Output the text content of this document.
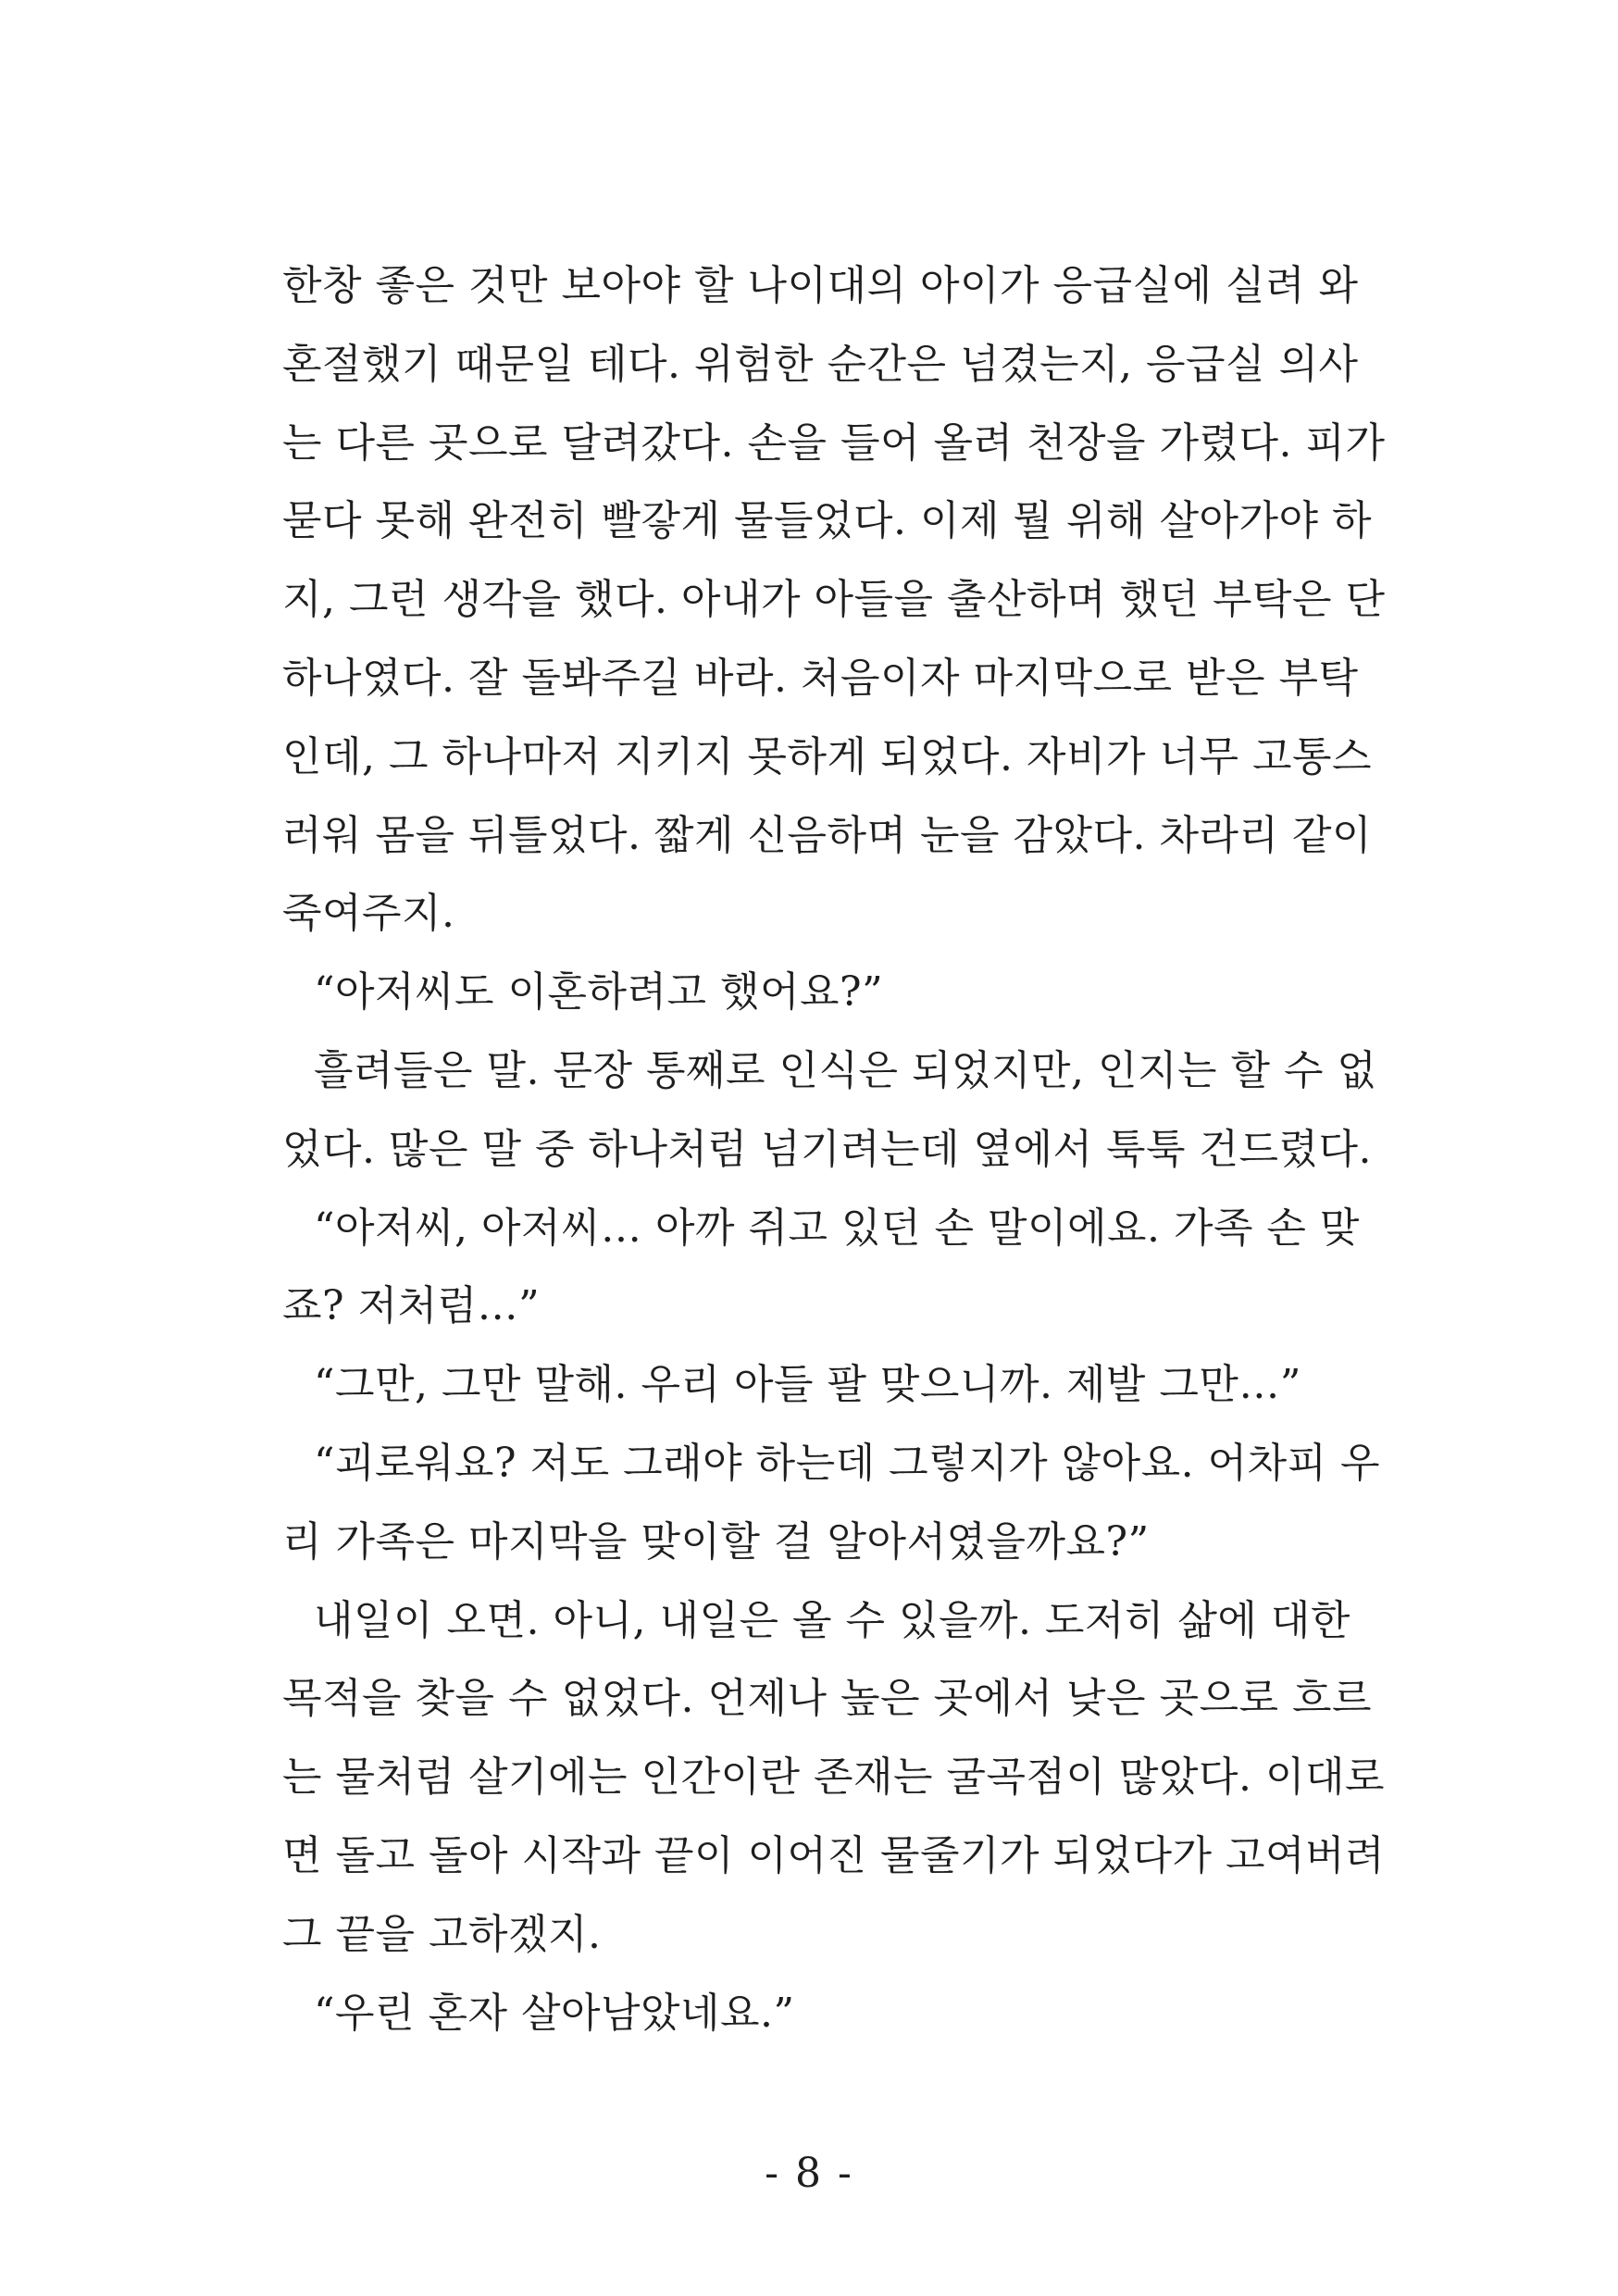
한창 좋은 것만 보아야 할 나이대의 아이가 응급실에 실려 와
혼절했기 때문일 테다. 위험한 순간은 넘겼는지, 응급실 의사
는 다른 곳으로 달려갔다. 손을 들어 올려 천장을 가렸다. 피가
묻다 못해 완전히 빨갛게 물들었다. 이제 뭘 위해 살아가야 하
지, 그런 생각을 했다. 아내가 아들을 출산하며 했던 부탁은 단
하나였다. 잘 돌봐주길 바라. 처음이자 마지막으로 받은 부탁
인데, 그 하나마저 지키지 못하게 되었다. 자비가 너무 고통스
러워 몸을 뒤틀었다. 짧게 신음하며 눈을 감았다. 차라리 같이
죽여주지.
“아저씨도 이혼하려고 했어요?”
흘려들은 말. 문장 통째로 인식은 되었지만, 인지는 할 수 없
었다. 많은 말 중 하나처럼 넘기려는데 옆에서 툭툭 건드렸다.
“아저씨, 아저씨… 아까 쥐고 있던 손 말이에요. 가족 손 맞
죠? 저처럼…”
“그만, 그만 말해. 우리 아들 팔 맞으니까. 제발 그만…”
“괴로워요? 저도 그래야 하는데 그렇지가 않아요. 어차피 우
리 가족은 마지막을 맞이할 걸 알아서였을까요?”
내일이 오면. 아니, 내일은 올 수 있을까. 도저히 삶에 대한
목적을 찾을 수 없었다. 언제나 높은 곳에서 낮은 곳으로 흐르
는 물처럼 살기에는 인간이란 존재는 굴곡점이 많았다. 이대로
면 돌고 돌아 시작과 끝이 이어진 물줄기가 되었다가 고여버려
그 끝을 고하겠지.
“우린 혼자 살아남았네요.”
- 8 -
